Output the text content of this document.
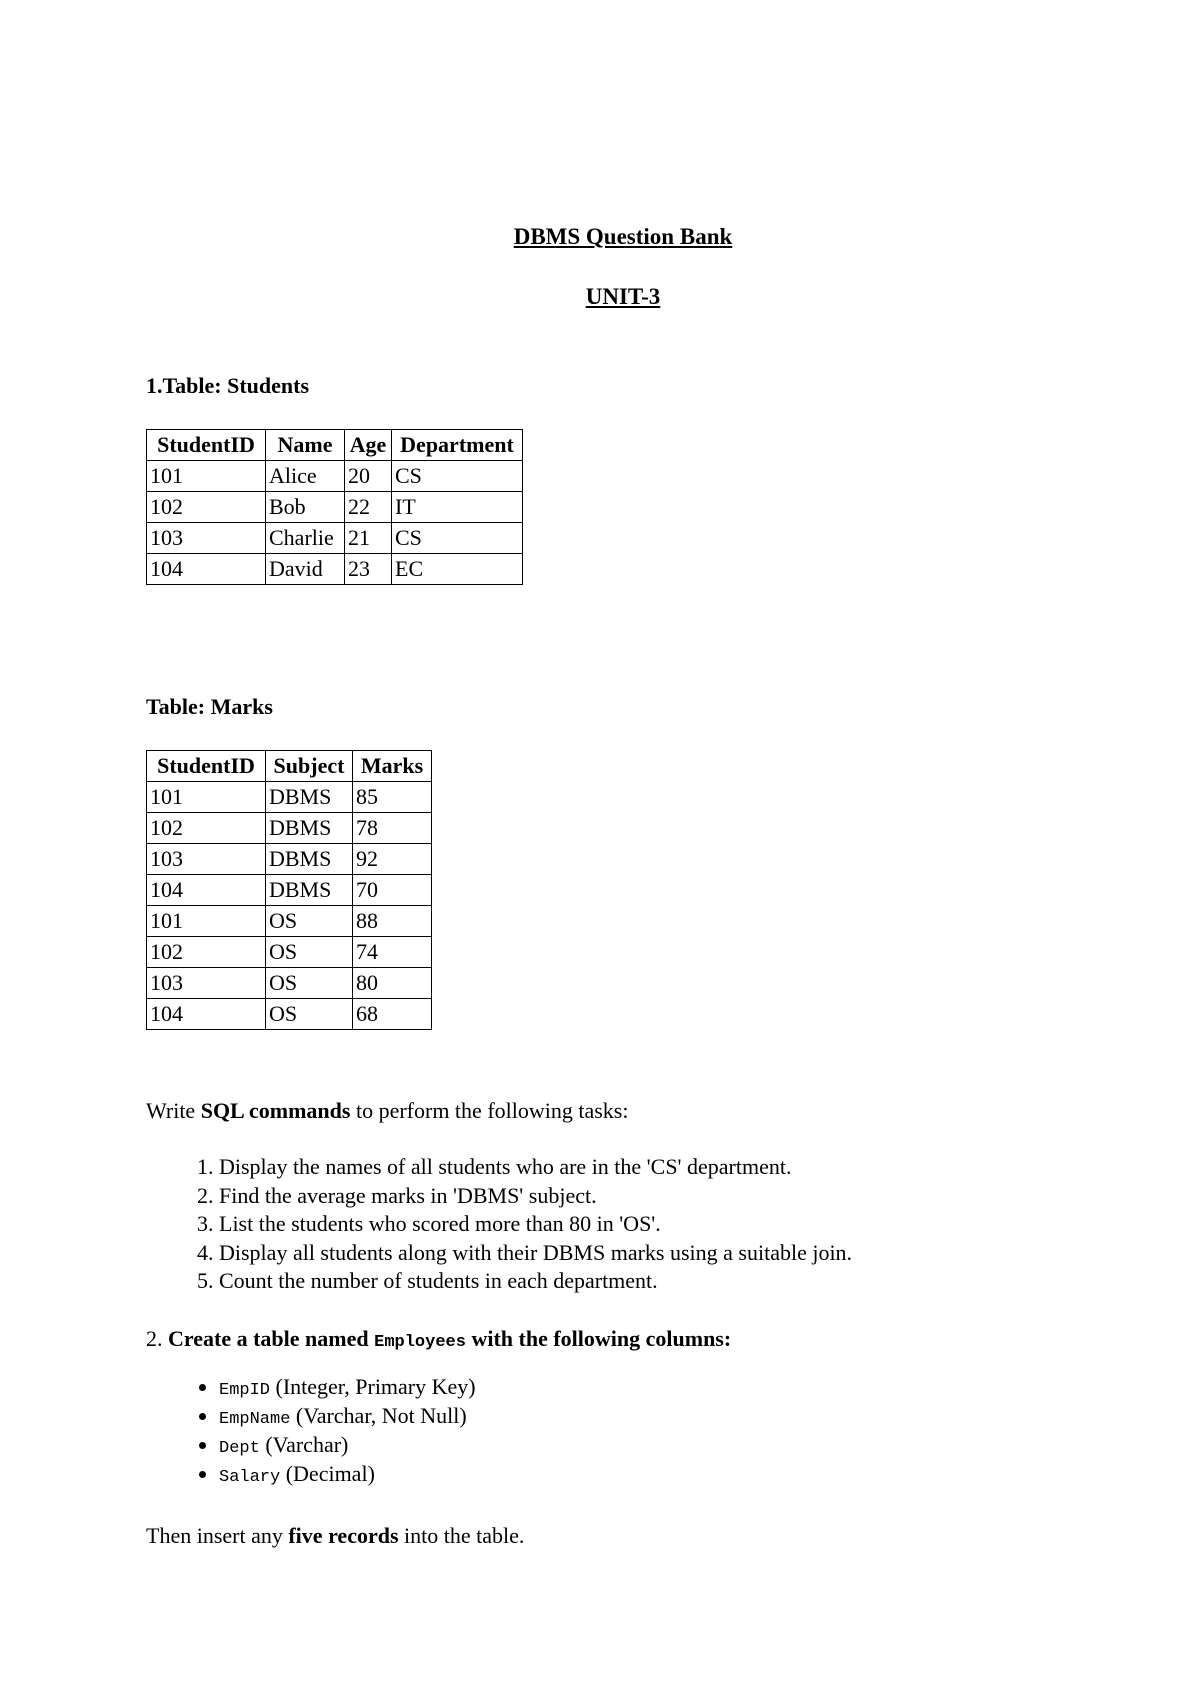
DBMS Question Bank
UNIT-3
1.Table: Students
StudentID	Name	Age	Department
101	Alice	20	CS
102	Bob	22	IT
103	Charlie	21	CS
104	David	23	EC
Table: Marks
StudentID	Subject	Marks
101	DBMS	85
102	DBMS	78
103	DBMS	92
104	DBMS	70
101	OS	88
102	OS	74
103	OS	80
104	OS	68
Write SQL commands to perform the following tasks:
1. Display the names of all students who are in the 'CS' department.
2. Find the average marks in 'DBMS' subject.
3. List the students who scored more than 80 in 'OS'.
4. Display all students along with their DBMS marks using a suitable join.
5. Count the number of students in each department.
2. Create a table named Employees with the following columns:
• EmpID (Integer, Primary Key)
• EmpName (Varchar, Not Null)
• Dept (Varchar)
• Salary (Decimal)
Then insert any five records into the table.
